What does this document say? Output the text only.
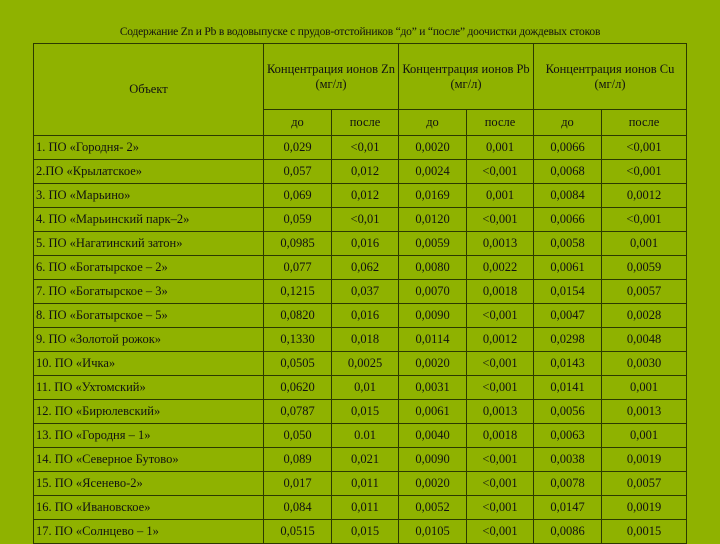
Содержание Zn и Pb в водовыпуске с прудов-отстойников “до” и “после” доочистки дождевых стоков
Объект	Концентрация ионов Zn (мг/л)		Концентрация ионов Pb (мг/л)		Концентрация ионов Cu (мг/л)	
	до	после	до	после	до	после
1. ПО «Городня- 2»	0,029	<0,01	0,0020	0,001	0,0066	<0,001
2.ПО «Крылатское»	0,057	0,012	0,0024	<0,001	0,0068	<0,001
3. ПО «Марьино»	0,069	0,012	0,0169	0,001	0,0084	0,0012
4. ПО «Марьинский парк–2»	0,059	<0,01	0,0120	<0,001	0,0066	<0,001
5. ПО «Нагатинский затон»	0,0985	0,016	0,0059	0,0013	0,0058	0,001
6. ПО «Богатырское – 2»	0,077	0,062	0,0080	0,0022	0,0061	0,0059
7. ПО «Богатырское – 3»	0,1215	0,037	0,0070	0,0018	0,0154	0,0057
8. ПО «Богатырское – 5»	0,0820	0,016	0,0090	<0,001	0,0047	0,0028
9. ПО «Золотой рожок»	0,1330	0,018	0,0114	0,0012	0,0298	0,0048
10. ПО «Ичка»	0,0505	0,0025	0,0020	<0,001	0,0143	0,0030
11. ПО «Ухтомский»	0,0620	0,01	0,0031	<0,001	0,0141	0,001
12. ПО «Бирюлевский»	0,0787	0,015	0,0061	0,0013	0,0056	0,0013
13. ПО «Городня – 1»	0,050	0.01	0,0040	0,0018	0,0063	0,001
14. ПО «Северное Бутово»	0,089	0,021	0,0090	<0,001	0,0038	0,0019
15. ПО «Ясенево-2»	0,017	0,011	0,0020	<0,001	0,0078	0,0057
16. ПО «Ивановское»	0,084	0,011	0,0052	<0,001	0,0147	0,0019
17. ПО «Солнцево – 1»	0,0515	0,015	0,0105	<0,001	0,0086	0,0015
